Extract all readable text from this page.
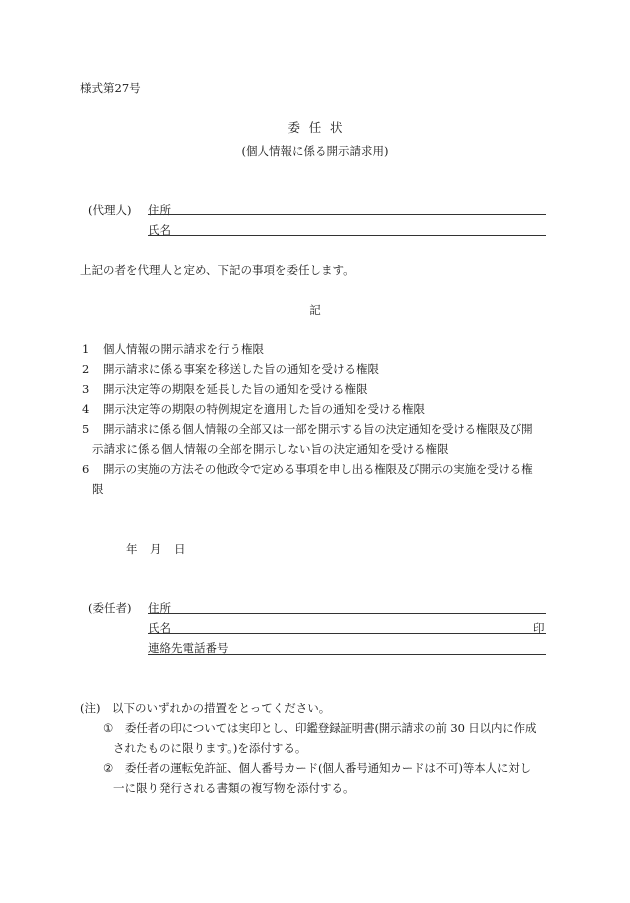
様式第27号
委任状
(個人情報に係る開示請求用)
(代理人) 住所
氏名
上記の者を代理人と定め、下記の事項を委任します。
記
1 個人情報の開示請求を行う権限
2 開示請求に係る事案を移送した旨の通知を受ける権限
3 開示決定等の期限を延長した旨の通知を受ける権限
4 開示決定等の期限の特例規定を適用した旨の通知を受ける権限
5 開示請求に係る個人情報の全部又は一部を開示する旨の決定通知を受ける権限及び開
示請求に係る個人情報の全部を開示しない旨の決定通知を受ける権限
6 開示の実施の方法その他政令で定める事項を申し出る権限及び開示の実施を受ける権
限
年 月 日
(委任者) 住所
氏名	印
連絡先電話番号
(注)　以下のいずれかの措置をとってください。
① 委任者の印については実印とし、印鑑登録証明書(開示請求の前 30 日以内に作成
されたものに限ります。)を添付する。
② 委任者の運転免許証、個人番号カード(個人番号通知カードは不可)等本人に対し
一に限り発行される書類の複写物を添付する。
